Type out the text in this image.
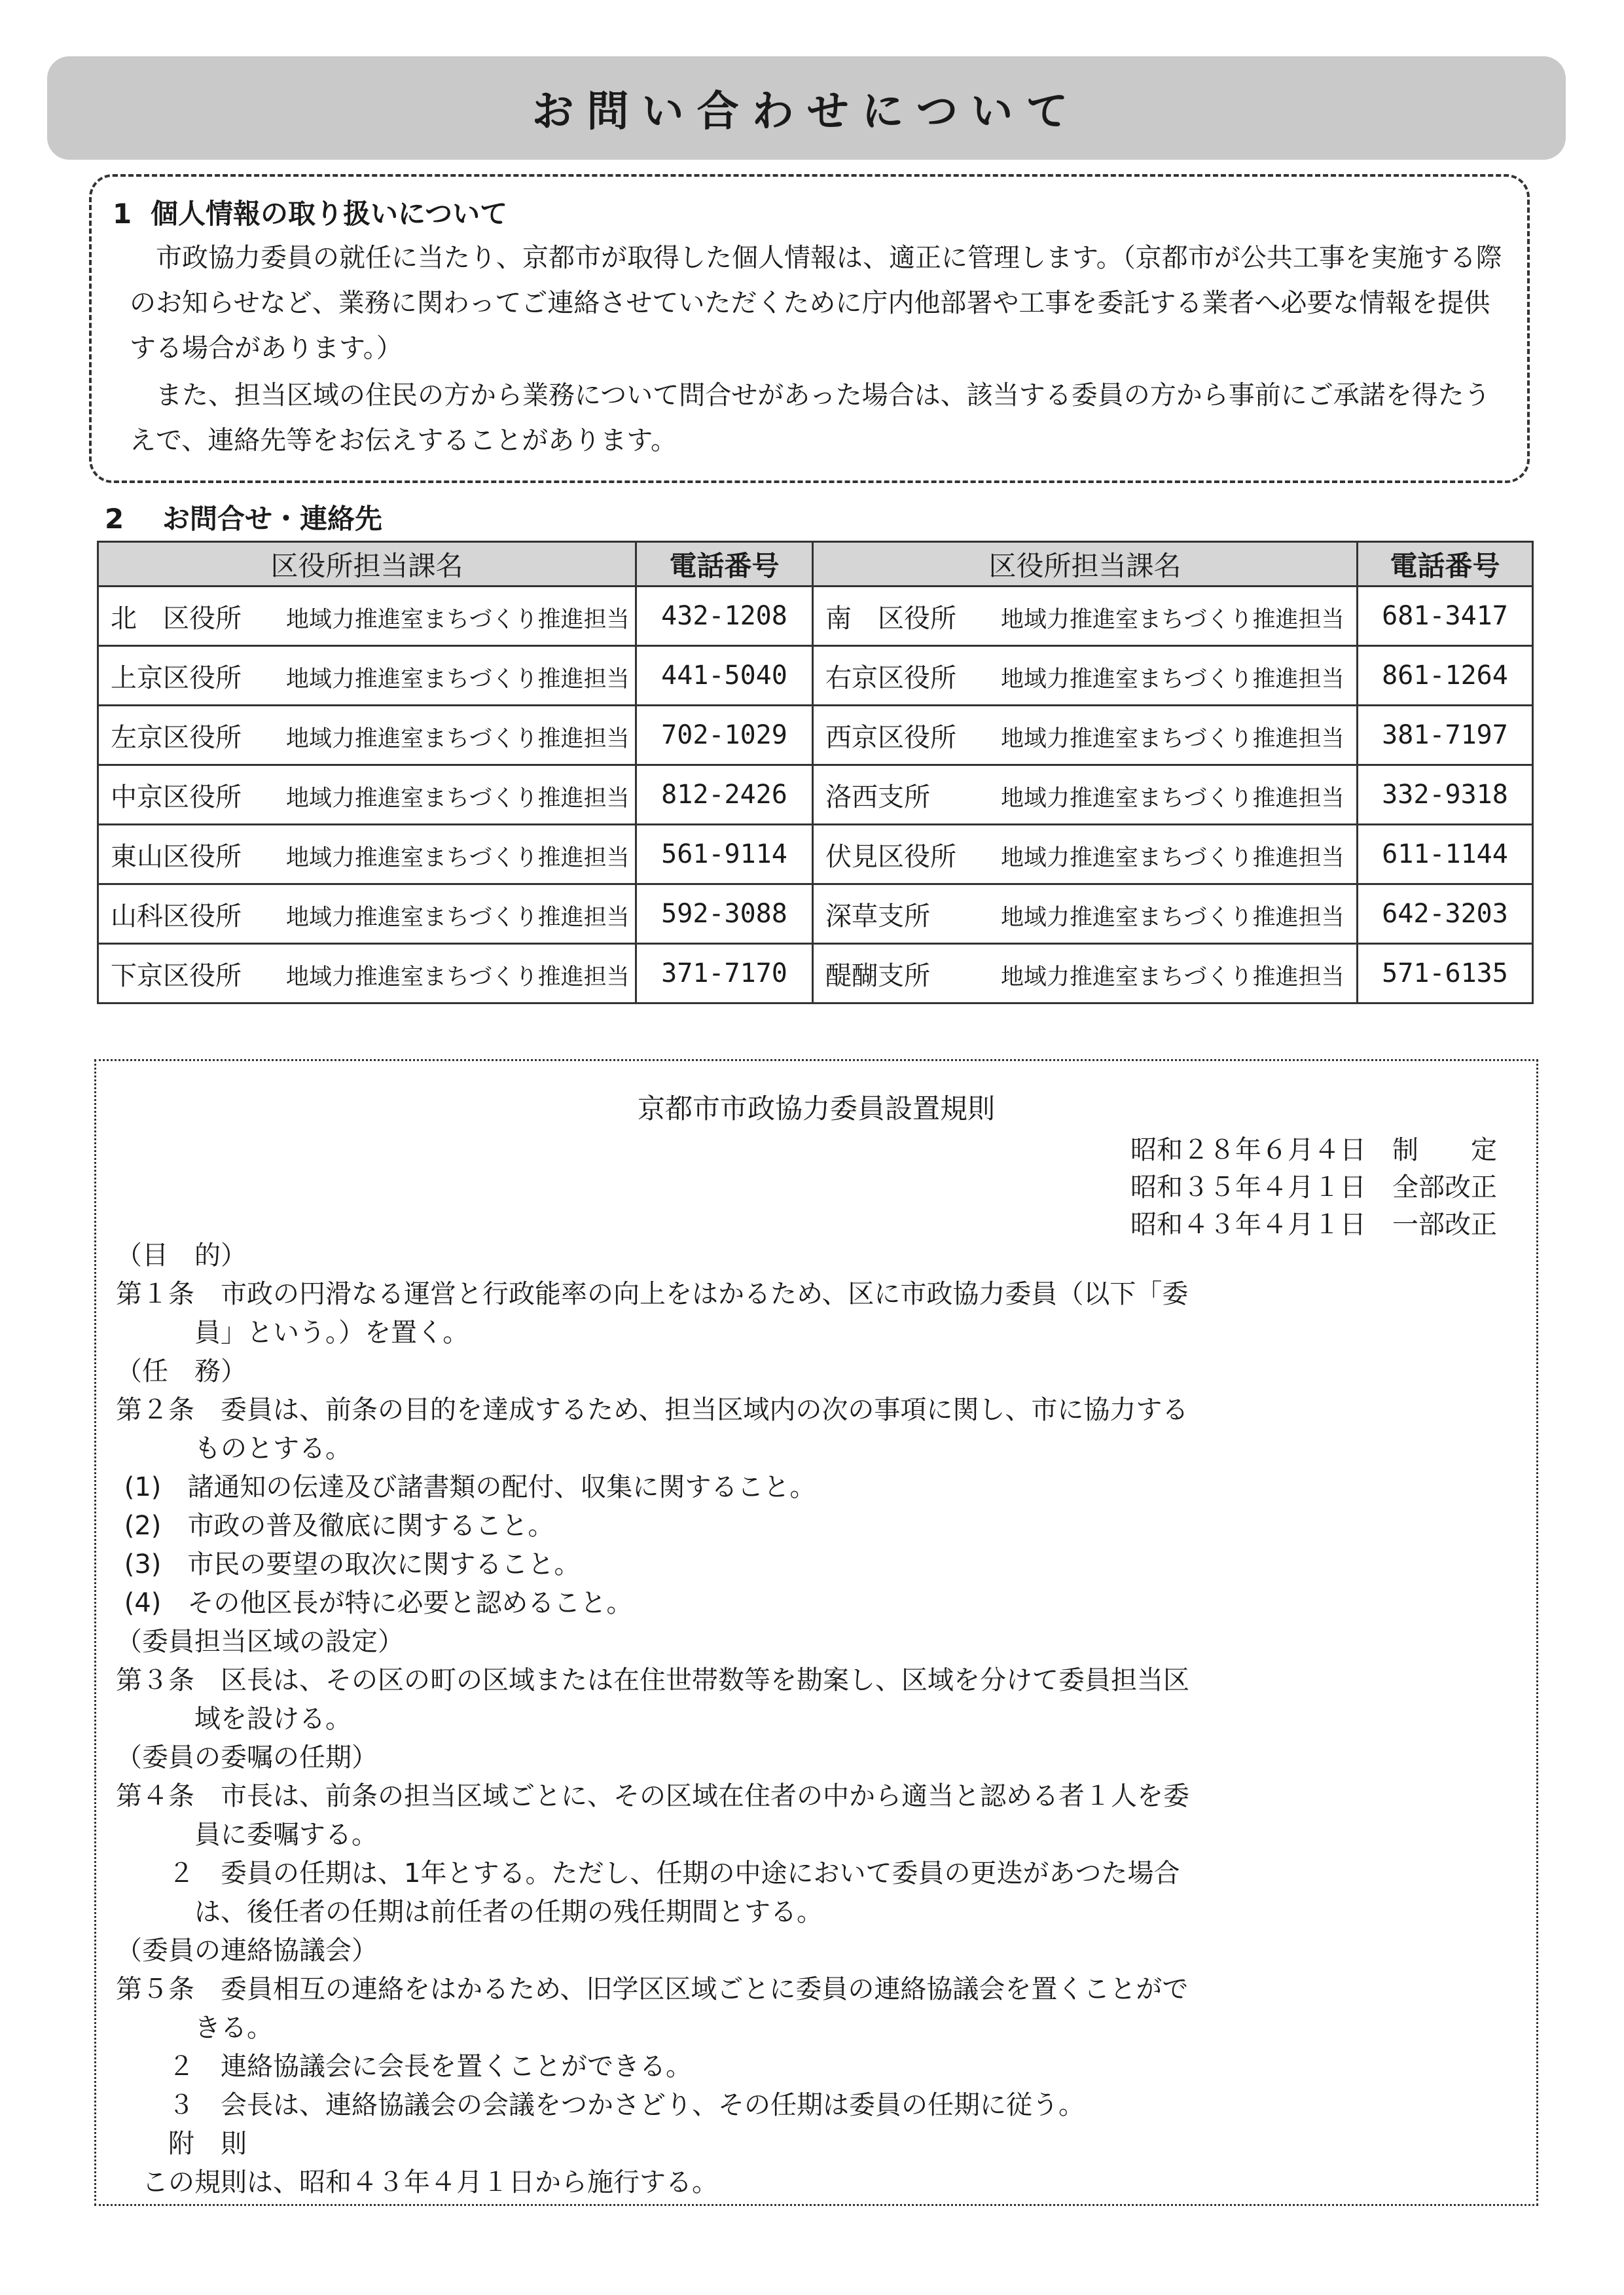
お問い合わせについて
1 個人情報の取り扱いについて

　市政協力委員の就任に当たり、京都市が取得した個人情報は、適正に管理します。（京都市が公共工事を実施する際のお知らせなど、業務に関わってご連絡させていただくために庁内他部署や工事を委託する業者へ必要な情報を提供する場合があります。）

　また、担当区域の住民の方から業務について問合せがあった場合は、該当する委員の方から事前にご承諾を得たうえで、連絡先等をお伝えすることがあります。

2 お問合せ・連絡先
区役所担当課名	電話番号	区役所担当課名	電話番号
北　区役所 地域力推進室まちづくり推進担当	432-1208	南　区役所 地域力推進室まちづくり推進担当	681-3417
上京区役所 地域力推進室まちづくり推進担当	441-5040	右京区役所 地域力推進室まちづくり推進担当	861-1264
左京区役所 地域力推進室まちづくり推進担当	702-1029	西京区役所 地域力推進室まちづくり推進担当	381-7197
中京区役所 地域力推進室まちづくり推進担当	812-2426	洛西支所 地域力推進室まちづくり推進担当	332-9318
東山区役所 地域力推進室まちづくり推進担当	561-9114	伏見区役所 地域力推進室まちづくり推進担当	611-1144
山科区役所 地域力推進室まちづくり推進担当	592-3088	深草支所 地域力推進室まちづくり推進担当	642-3203
下京区役所 地域力推進室まちづくり推進担当	371-7170	醍醐支所 地域力推進室まちづくり推進担当	571-6135
京都市市政協力委員設置規則
昭和２８年６月４日　制　　定
昭和３５年４月１日　全部改正
昭和４３年４月１日　一部改正
（目　的）
第１条　市政の円滑なる運営と行政能率の向上をはかるため、区に市政協力委員（以下「委
　　　員」という。）を置く。
（任　務）
第２条　委員は、前条の目的を達成するため、担当区域内の次の事項に関し、市に協力する
　　　ものとする。
(1)　諸通知の伝達及び諸書類の配付、収集に関すること。
(2)　市政の普及徹底に関すること。
(3)　市民の要望の取次に関すること。
(4)　その他区長が特に必要と認めること。
（委員担当区域の設定）
第３条　区長は、その区の町の区域または在住世帯数等を勘案し、区域を分けて委員担当区
　　　域を設ける。
（委員の委嘱の任期）
第４条　市長は、前条の担当区域ごとに、その区域在住者の中から適当と認める者１人を委
　　　員に委嘱する。
　　２　委員の任期は、1年とする。ただし、任期の中途において委員の更迭があつた場合
　　　は、後任者の任期は前任者の任期の残任期間とする。
（委員の連絡協議会）
第５条　委員相互の連絡をはかるため、旧学区区域ごとに委員の連絡協議会を置くことがで
　　　きる。
　　２　連絡協議会に会長を置くことができる。
　　３　会長は、連絡協議会の会議をつかさどり、その任期は委員の任期に従う。
　　附　則
　この規則は、昭和４３年４月１日から施行する。
